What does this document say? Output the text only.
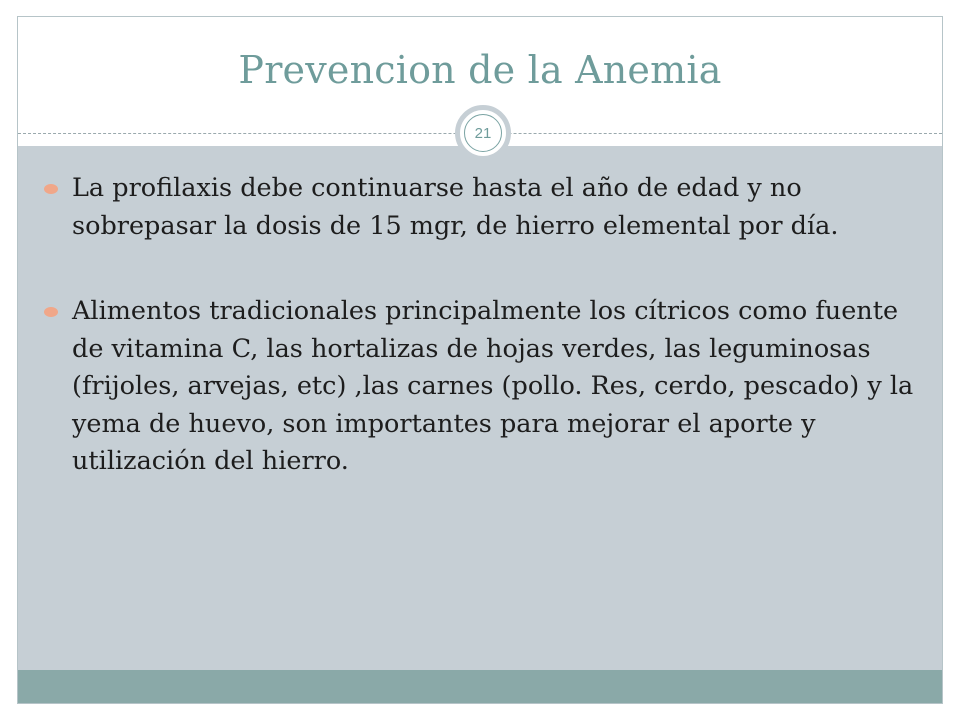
Prevencion de la Anemia
21
La profilaxis debe continuarse hasta el año de edad y no sobrepasar la dosis de 15 mgr, de hierro elemental por día.
Alimentos tradicionales principalmente los cítricos como fuente de vitamina C, las hortalizas de hojas verdes, las leguminosas (frijoles, arvejas, etc) ,las carnes (pollo. Res, cerdo, pescado) y la yema de huevo, son importantes para mejorar el aporte y utilización del hierro.
